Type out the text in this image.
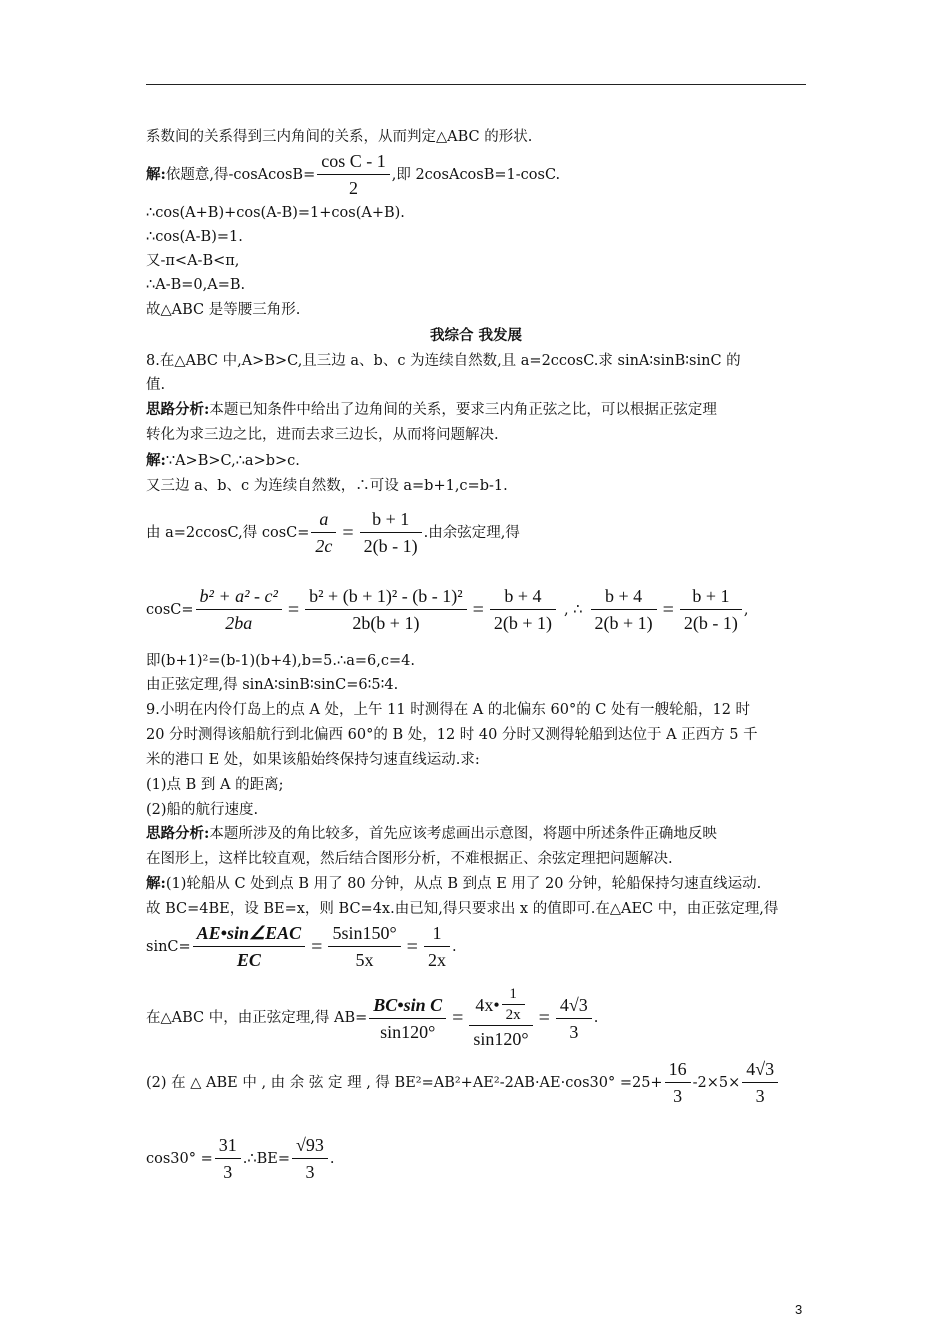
系数间的关系得到三内角间的关系，从而判定△ABC 的形状.
解: 依题意,得-cosAcosB= $\frac{\text{cos C - 1}}{2}$ ,即 2cosAcosB=1-cosC.
∴cos(A+B)+cos(A-B)=1+cos(A+B).
∴cos(A-B)=1.
又-π<A-B<π,
∴A-B=0,A=B.
故△ABC 是等腰三角形.
我综合 我发展
8.在△ABC 中,A>B>C,且三边 a、b、c 为连续自然数,且 a=2ccosC.求 sinA∶sinB∶sinC 的
值.
思路分析:本题已知条件中给出了边角间的关系，要求三内角正弦之比，可以根据正弦定理
转化为求三边之比，进而去求三边长，从而将问题解决.
解:∵A>B>C,∴a>b>c.
又三边 a、b、c 为连续自然数，∴可设 a=b+1,c=b-1.
由 a=2ccosC,得 $\cos C= \frac{a}{2c} = \frac{b + 1}{2(b - 1)}$ .由余弦定理,得
$\cos C= \frac{\text{b² + a² - c²}}{2ba} = \frac{\text{b² + (b + 1)² - (b - 1)²}}{2b(b + 1)} = \frac{b + 4}{2(b + 1)}$ , ∴ $\frac{b + 4}{2(b + 1)} = \frac{b + 1}{2(b - 1)}$ ,
即(b+1)²=(b-1)(b+4),b=5.∴a=6,c=4.
由正弦定理,得 sinA∶sinB∶sinC=6∶5∶4.
9.小明在内伶仃岛上的点 A 处，上午 11 时测得在 A 的北偏东 60°的 C 处有一艘轮船，12 时
20 分时测得该船航行到北偏西 60°的 B 处，12 时 40 分时又测得轮船到达位于 A 正西方 5 千
米的港口 E 处，如果该船始终保持匀速直线运动.求:
(1)点 B 到 A 的距离;
(2)船的航行速度.
思路分析:本题所涉及的角比较多，首先应该考虑画出示意图，将题中所述条件正确地反映
在图形上，这样比较直观，然后结合图形分析，不难根据正、余弦定理把问题解决.
解:(1)轮船从 C 处到点 B 用了 80 分钟，从点 B 到点 E 用了 20 分钟，轮船保持匀速直线运动.
故 BC=4BE，设 BE=x，则 BC=4x.由已知,得只要求出 x 的值即可.在△AEC 中，由正弦定理,得
$\sin C= \frac{\text{AE•sin∠EAC}}{EC} = \frac{5\sin 150^\circ}{5x} = \frac{1}{2x}$ .
在△ABC 中，由正弦定理,得 $AB= \frac{\text{BC•sin C}}{\sin 120^\circ} = \frac{4x• \frac{1}{2x}}{\sin 120^\circ} = \frac{4√3}{3}$ .
(2) 在 △ ABE 中 , 由 余 弦 定 理 , 得 $BE^2=AB^2+AE^2-2AB\cdot AE\cdot\cos 30^\circ =25+ \frac{16}{3} -2\times 5\times \frac{4√3}{3}$
$\cos 30^\circ = \frac{31}{3}$ .∴BE= $\frac{√93}{3}$ .
3
